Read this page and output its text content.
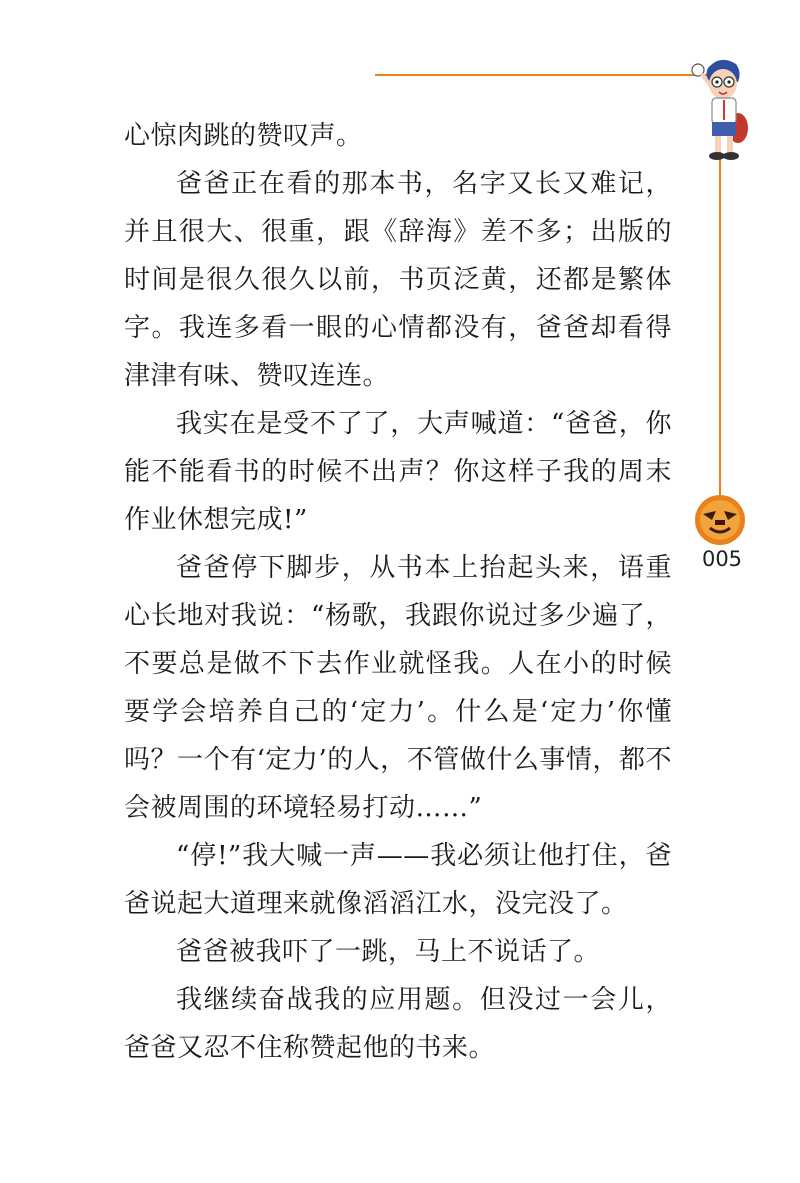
005

心惊肉跳的赞叹声。

爸爸正在看的那本书，名字又长又难记，并且很大、很重，跟《辞海》差不多；出版的时间是很久很久以前，书页泛黄，还都是繁体字。我连多看一眼的心情都没有，爸爸却看得津津有味、赞叹连连。

我实在是受不了了，大声喊道：“爸爸，你能不能看书的时候不出声？你这样子我的周末作业休想完成!”

爸爸停下脚步，从书本上抬起头来，语重心长地对我说：“杨歌，我跟你说过多少遍了，不要总是做不下去作业就怪我。人在小的时候要学会培养自己的‘定力’。什么是‘定力’你懂吗？一个有‘定力’的人，不管做什么事情，都不会被周围的环境轻易打动……”

“停!”我大喊一声——我必须让他打住，爸爸说起大道理来就像滔滔江水，没完没了。

爸爸被我吓了一跳，马上不说话了。

我继续奋战我的应用题。但没过一会儿，爸爸又忍不住称赞起他的书来。
